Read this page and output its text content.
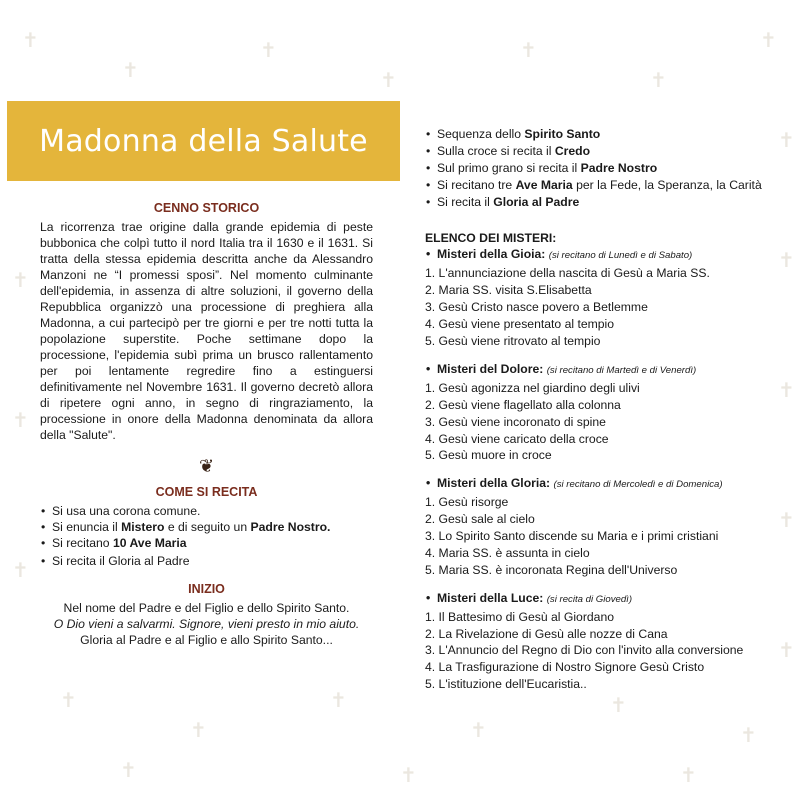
✝
✝
✝
✝
✝
✝
✝
✝
✝
✝
✝
✝
✝
✝
✝
✝
✝
✝
✝
✝
✝
✝	✝	✝
Madonna della Salute
CENNO STORICO

La ricorrenza trae origine dalla grande epidemia di peste bubbonica che colpì tutto il nord Italia tra il 1630 e il 1631. Si tratta della stessa epidemia descritta anche da Alessandro Manzoni ne “I promessi sposi”. Nel momento culminante dell'epidemia, in assenza di altre soluzioni, il governo della Repubblica organizzò una processione di preghiera alla Madonna, a cui partecipò per tre giorni e per tre notti tutta la popolazione superstite. Poche settimane dopo la processione, l'epidemia subì prima un brusco rallentamento per poi lentamente regredire fino a estinguersi definitivamente nel Novembre 1631. Il governo decretò allora di ripetere ogni anno, in segno di ringraziamento, la processione in onore della Madonna denominata da allora della "Salute".

❦
COME SI RECITA
• Si usa una corona comune.
• Si enuncia il Mistero e di seguito un Padre Nostro.
• Si recitano 10 Ave Maria
• Si recita il Gloria al Padre
INIZIO

Nel nome del Padre e del Figlio e dello Spirito Santo.
O Dio vieni a salvarmi. Signore, vieni presto in mio aiuto.
Gloria al Padre e al Figlio e allo Spirito Santo...

• Sequenza dello Spirito Santo
• Sulla croce si recita il Credo
• Sul primo grano si recita il Padre Nostro
• Si recitano tre Ave Maria per la Fede, la Speranza, la Carità
• Si recita il Gloria al Padre
ELENCO DEI MISTERI:
• Misteri della Gioia: (si recitano di Lunedì e di Sabato)
1. L'annunciazione della nascita di Gesù a Maria SS.
2. Maria SS. visita S.Elisabetta
3. Gesù Cristo nasce povero a Betlemme
4. Gesù viene presentato al tempio
5. Gesù viene ritrovato al tempio
• Misteri del Dolore: (si recitano di Martedì e di Venerdì)
1. Gesù agonizza nel giardino degli ulivi
2. Gesù viene flagellato alla colonna
3. Gesù viene incoronato di spine
4. Gesù viene caricato della croce
5. Gesù muore in croce
• Misteri della Gloria: (si recitano di Mercoledì e di Domenica)
1. Gesù risorge
2. Gesù sale al cielo
3. Lo Spirito Santo discende su Maria e i primi cristiani
4. Maria SS. è assunta in cielo
5. Maria SS. è incoronata Regina dell'Universo
• Misteri della Luce: (si recita di Giovedì)
1. Il Battesimo di Gesù al Giordano
2. La Rivelazione di Gesù alle nozze di Cana
3. L'Annuncio del Regno di Dio con l'invito alla conversione
4. La Trasfigurazione di Nostro Signore Gesù Cristo
5. L'istituzione dell'Eucaristia..
